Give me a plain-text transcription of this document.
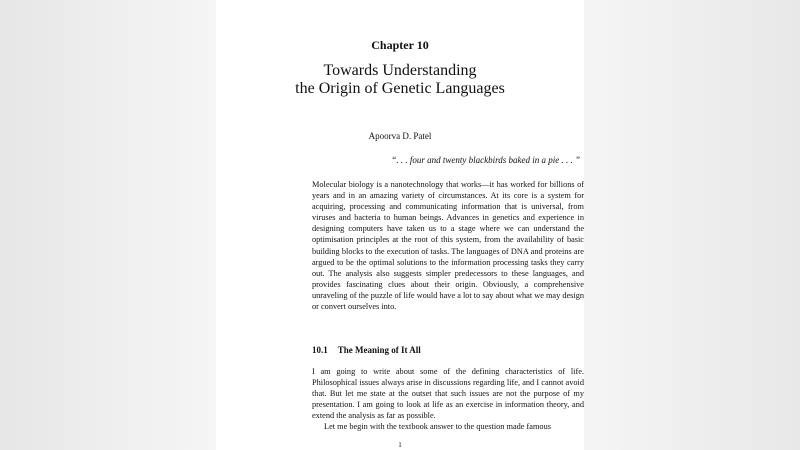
Chapter 10
Towards Understanding
the Origin of Genetic Languages
Apoorva D. Patel
“. . . four and twenty blackbirds baked in a pie . . . ”

Molecular biology is a nanotechnology that works—it has worked for billions of years and in an amazing variety of circumstances. At its core is a system for acquiring, processing and communicating information that is universal, from viruses and bacteria to human beings. Advances in genetics and experience in designing computers have taken us to a stage where we can understand the optimisation principles at the root of this system, from the availability of basic building blocks to the execution of tasks. The languages of DNA and proteins are argued to be the optimal solutions to the information processing tasks they carry out. The analysis also suggests simpler predecessors to these languages, and provides fascinating clues about their origin. Obviously, a comprehensive unraveling of the puzzle of life would have a lot to say about what we may design or convert ourselves into.

10.1 The Meaning of It All

I am going to write about some of the defining characteristics of life. Philosophical issues always arise in discussions regarding life, and I cannot avoid that. But let me state at the outset that such issues are not the purpose of my presentation. I am going to look at life as an exercise in information theory, and extend the analysis as far as possible.

Let me begin with the textbook answer to the question made famous

1
